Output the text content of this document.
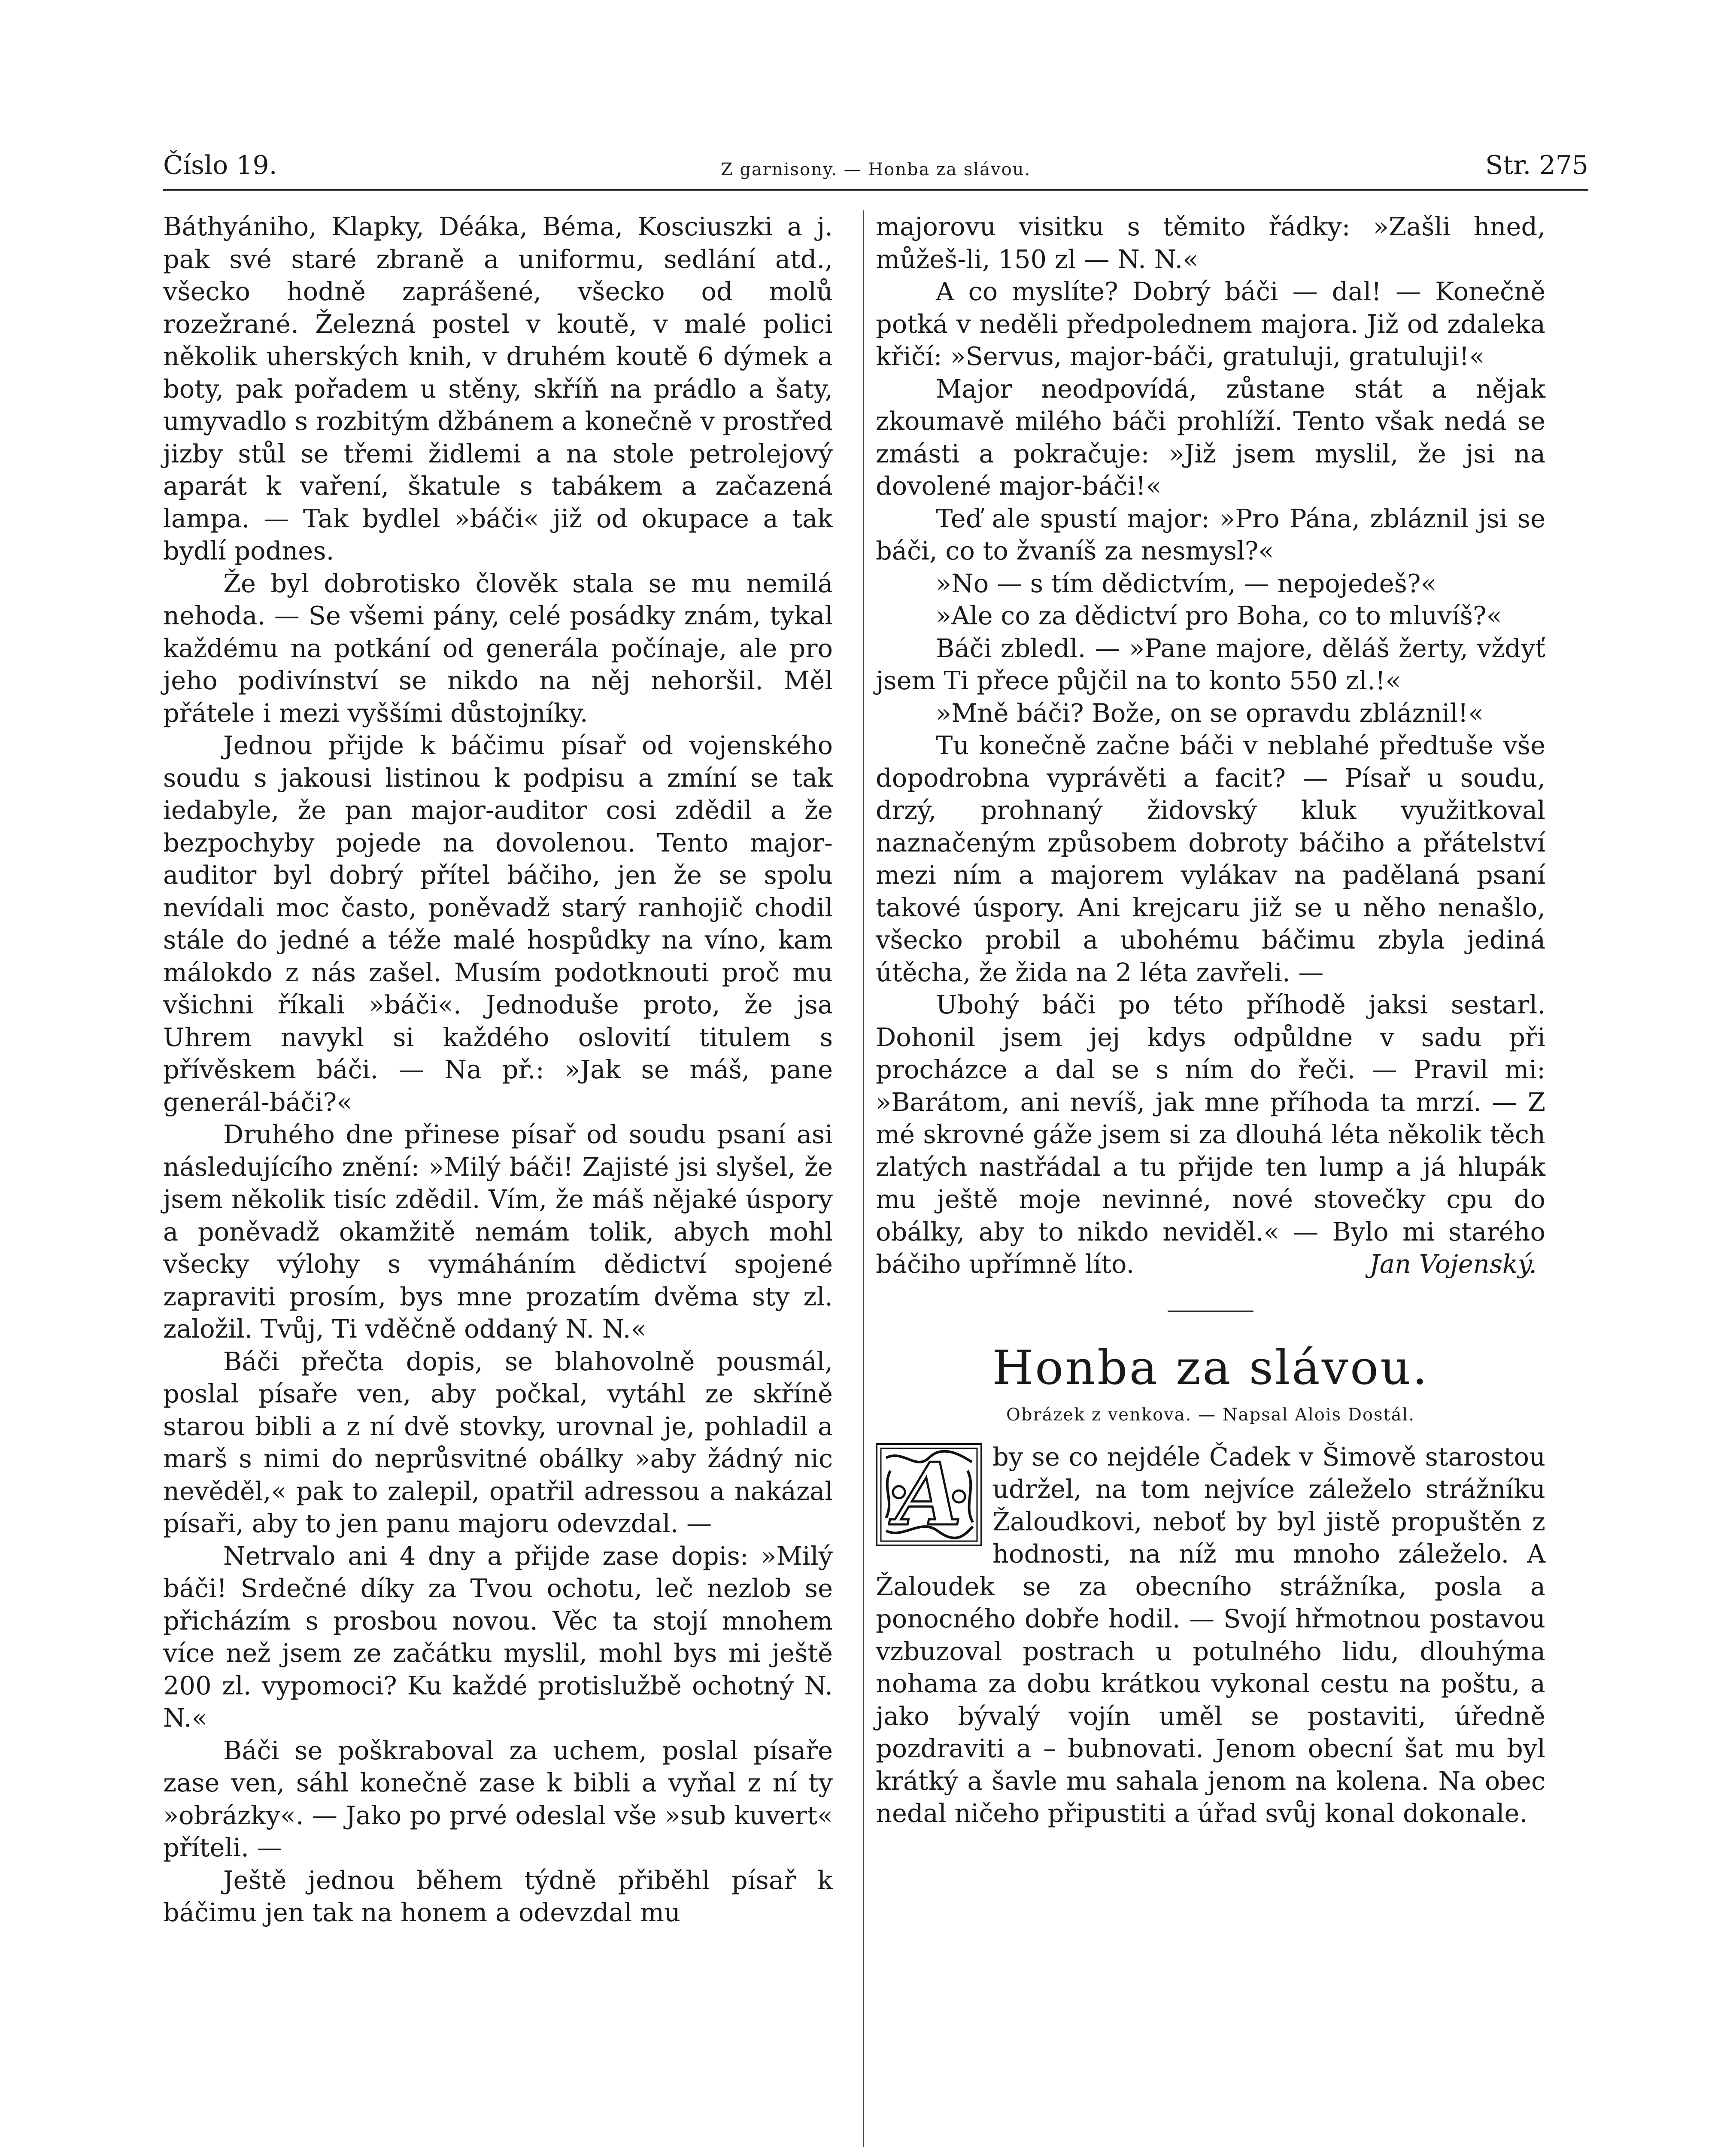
Číslo 19.	Z garnisony. — Honba za slávou.	Str. 275

Báthyániho, Klapky, Déáka, Béma, Kosciuszki a j. pak své staré zbraně a uniformu, sedlání atd., všecko hodně zaprášené, všecko od molů rozežrané. Železná postel v koutě, v malé polici několik uherských knih, v druhém koutě 6 dýmek a boty, pak pořadem u stěny, skříň na prádlo a šaty, umyvadlo s rozbitým džbánem a konečně v prostřed jizby stůl se třemi židlemi a na stole petrolejový aparát k vaření, škatule s tabákem a začazená lampa. — Tak bydlel »báči« již od okupace a tak bydlí podnes.

Že byl dobrotisko člověk stala se mu nemilá nehoda. — Se všemi pány, celé posádky znám, tykal každému na potkání od generála počínaje, ale pro jeho podivínství se nikdo na něj nehoršil. Měl přátele i mezi vyššími důstojníky.

Jednou přijde k báčimu písař od vojenského soudu s jakousi listinou k podpisu a zmíní se tak iedabyle, že pan major-auditor cosi zdědil a že bezpochyby pojede na dovolenou. Tento major-auditor byl dobrý přítel báčiho, jen že se spolu nevídali moc často, poněvadž starý ranhojič chodil stále do jedné a téže malé hospůdky na víno, kam málokdo z nás zašel. Musím podotknouti proč mu všichni říkali »báči«. Jednoduše proto, že jsa Uhrem navykl si každého oslovití titulem s přívěskem báči. — Na př.: »Jak se máš, pane generál-báči?«

Druhého dne přinese písař od soudu psaní asi následujícího znění: »Milý báči! Zajisté jsi slyšel, že jsem několik tisíc zdědil. Vím, že máš nějaké úspory a poněvadž okamžitě nemám tolik, abych mohl všecky výlohy s vymáháním dědictví spojené zapraviti prosím, bys mne prozatím dvěma sty zl. založil. Tvůj, Ti vděčně oddaný N. N.«

Báči přečta dopis, se blahovolně pousmál, poslal písaře ven, aby počkal, vytáhl ze skříně starou bibli a z ní dvě stovky, urovnal je, pohladil a marš s nimi do neprůsvitné obálky »aby žádný nic nevěděl,« pak to zalepil, opatřil adressou a nakázal písaři, aby to jen panu majoru odevzdal. —

Netrvalo ani 4 dny a přijde zase dopis: »Milý báči! Srdečné díky za Tvou ochotu, leč nezlob se přicházím s prosbou novou. Věc ta stojí mnohem více než jsem ze začátku myslil, mohl bys mi ještě 200 zl. vypomoci? Ku každé protislužbě ochotný N. N.«

Báči se poškraboval za uchem, poslal písaře zase ven, sáhl konečně zase k bibli a vyňal z ní ty »obrázky«. — Jako po prvé odeslal vše »sub kuvert« příteli. —

Ještě jednou během týdně přiběhl písař k báčimu jen tak na honem a odevzdal mu

majorovu visitku s těmito řádky: »Zašli hned, můžeš-li, 150 zl — N. N.«

A co myslíte? Dobrý báči — dal! — Konečně potká v neděli předpolednem majora. Již od zdaleka křičí: »Servus, major-báči, gratuluji, gratuluji!«

Major neodpovídá, zůstane stát a nějak zkoumavě milého báči prohlíží. Tento však nedá se zmásti a pokračuje: »Již jsem myslil, že jsi na dovolené major-báči!«

Teď ale spustí major: »Pro Pána, zbláznil jsi se báči, co to žvaníš za nesmysl?«

»No — s tím dědictvím, — nepojedeš?«

»Ale co za dědictví pro Boha, co to mluvíš?«

Báči zbledl. — »Pane majore, děláš žerty, vždyť jsem Ti přece půjčil na to konto 550 zl.!«

»Mně báči? Bože, on se opravdu zbláznil!«

Tu konečně začne báči v neblahé předtuše vše dopodrobna vyprávěti a facit? — Písař u soudu, drzý, prohnaný židovský kluk využitkoval naznačeným způsobem dobroty báčiho a přátelství mezi ním a majorem vylákav na padělaná psaní takové úspory. Ani krejcaru již se u něho nenašlo, všecko probil a ubohému báčimu zbyla jediná útěcha, že žida na 2 léta zavřeli. —

Ubohý báči po této příhodě jaksi sestarl. Dohonil jsem jej kdys odpůldne v sadu při procházce a dal se s ním do řeči. — Pravil mi: »Barátom, ani nevíš, jak mne příhoda ta mrzí. — Z mé skrovné gáže jsem si za dlouhá léta několik těch zlatých nastřádal a tu přijde ten lump a já hlupák mu ještě moje nevinné, nové stovečky cpu do obálky, aby to nikdo neviděl.« — Bylo mi starého báčiho upřímně líto.	Jan Vojenský.

Honba za slávou.
Obrázek z venkova. — Napsal Alois Dostál.

A	by se co nejdéle Čadek v Šimově starostou udržel, na tom nejvíce záleželo strážníku Žaloudkovi, neboť by byl jistě propuštěn z hodnosti, na níž mu mnoho záleželo. A Žaloudek se za obecního strážníka, posla a ponocného dobře hodil. — Svojí hřmotnou postavou vzbuzoval postrach u potulného lidu, dlouhýma nohama za dobu krátkou vykonal cestu na poštu, a jako bývalý vojín uměl se postaviti, úředně pozdraviti a – bubnovati. Jenom obecní šat mu byl krátký a šavle mu sahala jenom na kolena. Na obec nedal ničeho připustiti a úřad svůj konal dokonale.
